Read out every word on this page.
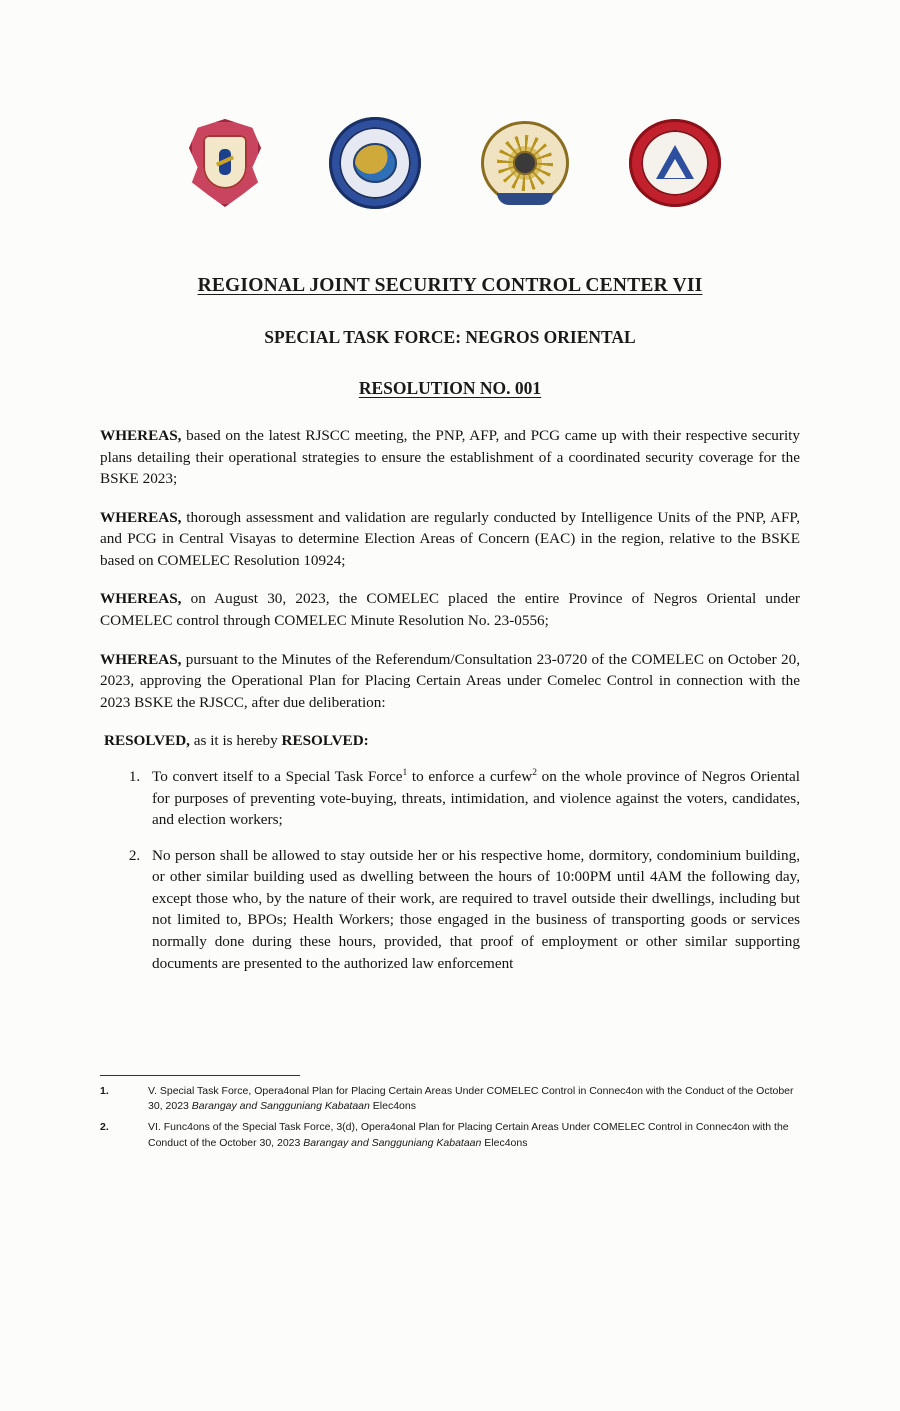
REGIONAL JOINT SECURITY CONTROL CENTER VII
SPECIAL TASK FORCE: NEGROS ORIENTAL
RESOLUTION NO. 001

WHEREAS, based on the latest RJSCC meeting, the PNP, AFP, and PCG came up with their respective security plans detailing their operational strategies to ensure the establishment of a coordinated security coverage for the BSKE 2023;

WHEREAS, thorough assessment and validation are regularly conducted by Intelligence Units of the PNP, AFP, and PCG in Central Visayas to determine Election Areas of Concern (EAC) in the region, relative to the BSKE based on COMELEC Resolution 10924;

WHEREAS, on August 30, 2023, the COMELEC placed the entire Province of Negros Oriental under COMELEC control through COMELEC Minute Resolution No. 23-0556;

WHEREAS, pursuant to the Minutes of the Referendum/Consultation 23-0720 of the COMELEC on October 20, 2023, approving the Operational Plan for Placing Certain Areas under Comelec Control in connection with the 2023 BSKE the RJSCC, after due deliberation:

RESOLVED, as it is hereby RESOLVED:

1. To convert itself to a Special Task Force$^1$ to enforce a curfew$^2$ on the whole province of Negros Oriental for purposes of preventing vote-buying, threats, intimidation, and violence against the voters, candidates, and election workers;
2. No person shall be allowed to stay outside her or his respective home, dormitory, condominium building, or other similar building used as dwelling between the hours of 10:00PM until 4AM the following day, except those who, by the nature of their work, are required to travel outside their dwellings, including but not limited to, BPOs; Health Workers; those engaged in the business of transporting goods or services normally done during these hours, provided, that proof of employment or other similar supporting documents are presented to the authorized law enforcement
1.	V. Special Task Force, Opera4onal Plan for Placing Certain Areas Under COMELEC Control in Connec4on with the Conduct of the October 30, 2023 Barangay and Sangguniang Kabataan Elec4ons
2.	VI. Func4ons of the Special Task Force, 3(d), Opera4onal Plan for Placing Certain Areas Under COMELEC Control in Connec4on with the Conduct of the October 30, 2023 Barangay and Sangguniang Kabataan Elec4ons
